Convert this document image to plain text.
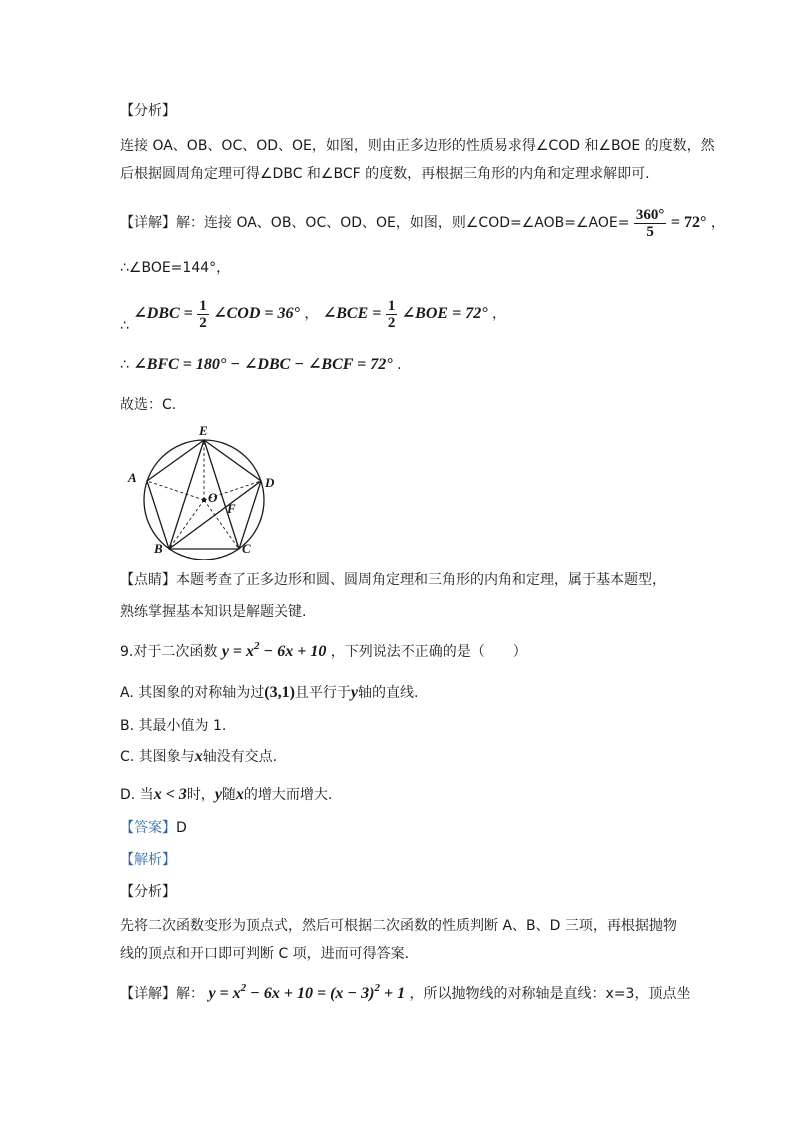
【分析】
连接 OA、OB、OC、OD、OE，如图，则由正多边形的性质易求得∠COD 和∠BOE 的度数，然
后根据圆周角定理可得∠DBC 和∠BCF 的度数，再根据三角形的内角和定理求解即可.
【详解】解：连接 OA、OB、OC、OD、OE，如图，则∠COD=∠AOB=∠AOE= $\frac{360^\circ}{5} = 72^\circ$ ，
∴∠BOE=144°，
∴ ∠DBC = $\frac{1}{2}$ ∠COD = 36° ， ∠BCE = $\frac{1}{2}$ ∠BOE = 72° ，
∴ ∠BFC = 180° − ∠DBC − ∠BCF = 72° .
故选：C.
E
A	D
O
F
B	C
【点睛】本题考查了正多边形和圆、圆周角定理和三角形的内角和定理，属于基本题型，
熟练掌握基本知识是解题关键.
9.对于二次函数 $y = x^2 - 6x + 10$ ，下列说法不正确的是（　　）
A. 其图象的对称轴为过(3,1)且平行于y轴的直线.
B. 其最小值为 1.
C. 其图象与x轴没有交点.
D. 当x < 3时，y随x的增大而增大.
【答案】D
【解析】
【分析】
先将二次函数变形为顶点式，然后可根据二次函数的性质判断 A、B、D 三项，再根据抛物
线的顶点和开口即可判断 C 项，进而可得答案.
【详解】解： $y = x^2 - 6x + 10 = (x - 3)^2 + 1$ ，所以抛物线的对称轴是直线：x=3，顶点坐
